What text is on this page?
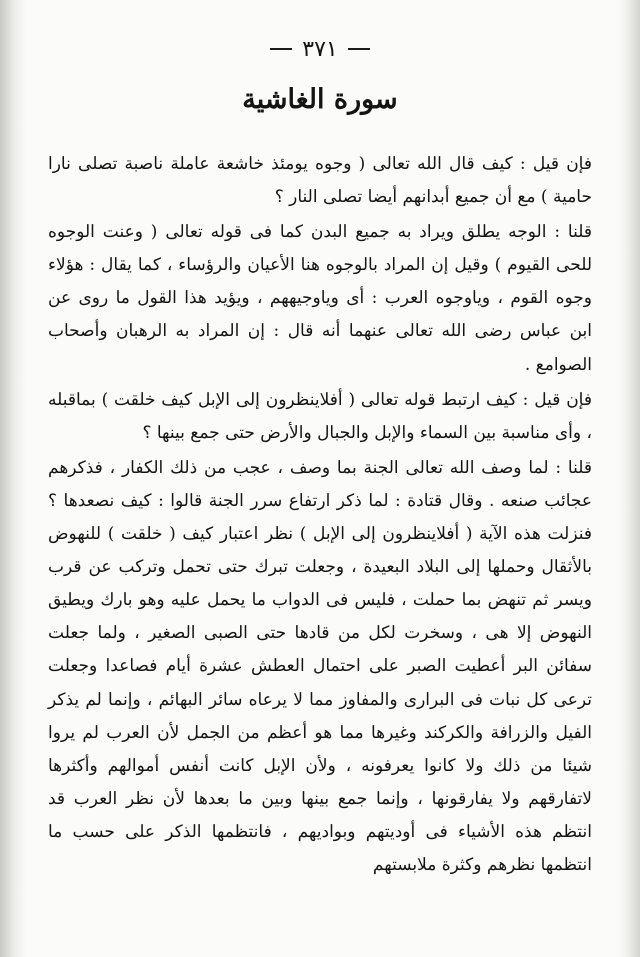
٣٧١
سورة الغاشية

فإن قيل : كيف قال الله تعالى ( وجوه يومئذ خاشعة عاملة ناصبة تصلى نارا حامية ) مع أن جميع أبدانهم أيضا تصلى النار ؟

قلنا : الوجه يطلق ويراد به جميع البدن كما فى قوله تعالى ( وعنت الوجوه للحى القيوم ) وقيل إن المراد بالوجوه هنا الأعيان والرؤساء ، كما يقال : هؤلاء وجوه القوم ، وياوجوه العرب : أى وياوجيههم ، ويؤيد هذا القول ما روى عن ابن عباس رضى الله تعالى عنهما أنه قال : إن المراد به الرهبان وأصحاب الصوامع .

فإن قيل : كيف ارتبط قوله تعالى ( أفلاينظرون إلى الإبل كيف خلقت ) بماقبله ، وأى مناسبة بين السماء والإبل والجبال والأرض حتى جمع بينها ؟

قلنا : لما وصف الله تعالى الجنة بما وصف ، عجب من ذلك الكفار ، فذكرهم عجائب صنعه . وقال قتادة : لما ذكر ارتفاع سرر الجنة قالوا : كيف نصعدها ؟ فنزلت هذه الآية ( أفلاينظرون إلى الإبل ) نظر اعتبار كيف ( خلقت ) للنهوض بالأثقال وحملها إلى البلاد البعيدة ، وجعلت تبرك حتى تحمل وتركب عن قرب ويسر ثم تنهض بما حملت ، فليس فى الدواب ما يحمل عليه وهو بارك ويطيق النهوض إلا هى ، وسخرت لكل من قادها حتى الصبى الصغير ، ولما جعلت سفائن البر أعطيت الصبر على احتمال العطش عشرة أيام فصاعدا وجعلت ترعى كل نبات فى البرارى والمفاوز مما لا يرعاه سائر البهائم ، وإنما لم يذكر الفيل والزرافة والكركند وغيرها مما هو أعظم من الجمل لأن العرب لم يروا شيئا من ذلك ولا كانوا يعرفونه ، ولأن الإبل كانت أنفس أموالهم وأكثرها لاتفارقهم ولا يفارقونها ، وإنما جمع بينها وبين ما بعدها لأن نظر العرب قد انتظم هذه الأشياء فى أوديتهم وبواديهم ، فانتظمها الذكر على حسب ما انتظمها نظرهم وكثرة ملابستهم
